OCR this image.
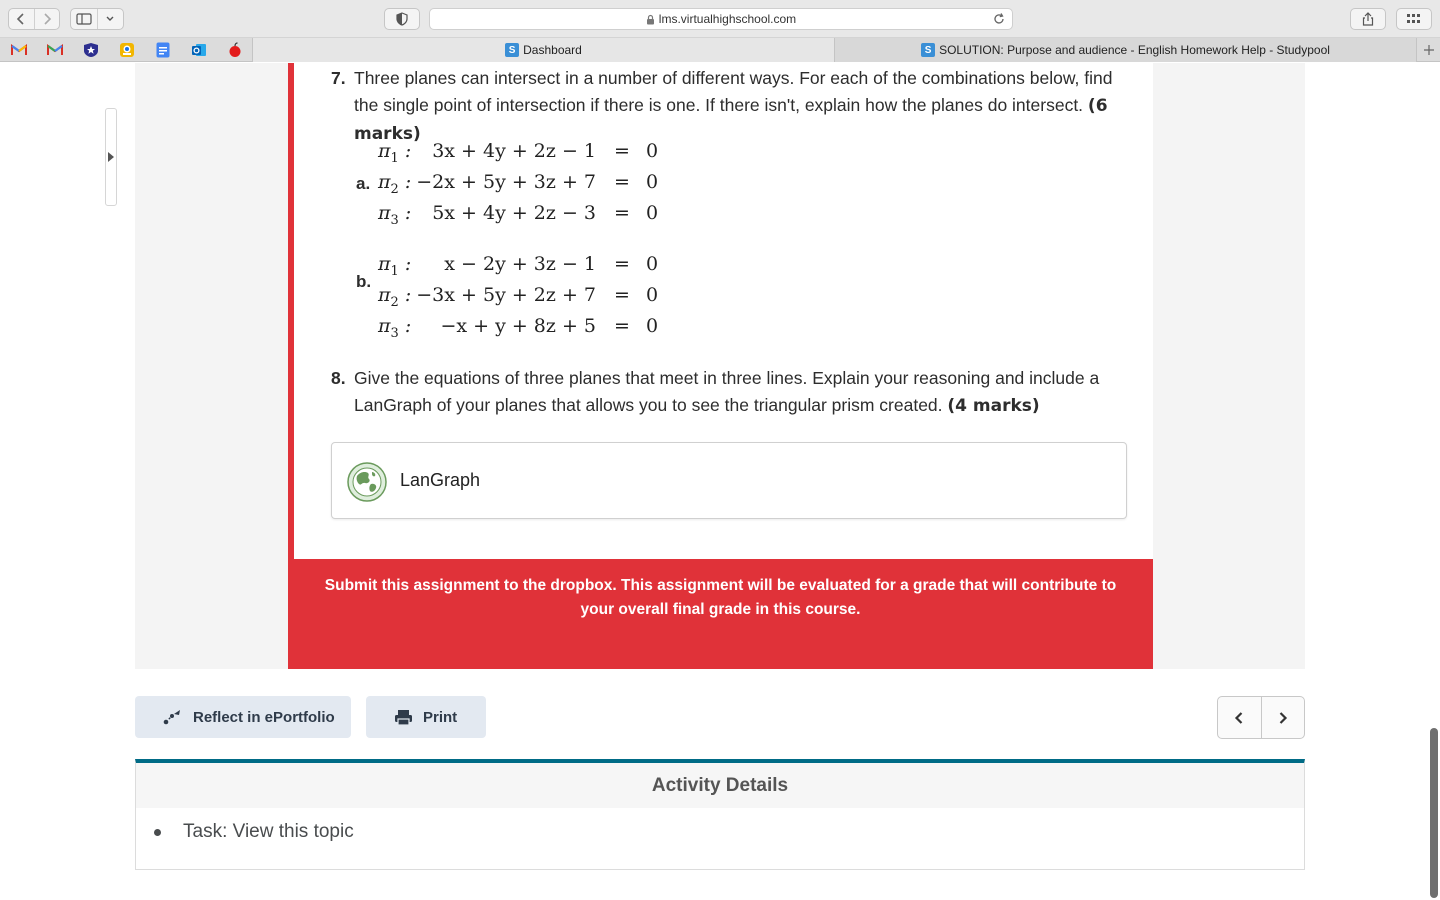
lms.virtualhighschool.com
S Dashboard	S SOLUTION: Purpose and audience - English Homework Help - Studypool
7. Three planes can intersect in a number of different ways. For each of the combinations below, find the single point of intersection if there is one. If there isn't, explain how the planes do intersect. (6 marks)
a.
$\pi_1$ :	3x + 4y + 2z − 1 = 0
$\pi_2$ : −2x + 5y + 3z + 7 = 0
$\pi_3$ :	5x + 4y + 2z − 3 = 0
b.
$\pi_1$ :	x − 2y + 3z − 1 = 0
$\pi_2$ : −3x + 5y + 2z + 7 = 0
$\pi_3$ :	−x + y + 8z + 5 = 0
8. Give the equations of three planes that meet in three lines. Explain your reasoning and include a LanGraph of your planes that allows you to see the triangular prism created. (4 marks)
LanGraph
Submit this assignment to the dropbox. This assignment will be evaluated for a grade that will contribute to your overall final grade in this course.
Reflect in ePortfolio	Print
Activity Details
Task: View this topic
